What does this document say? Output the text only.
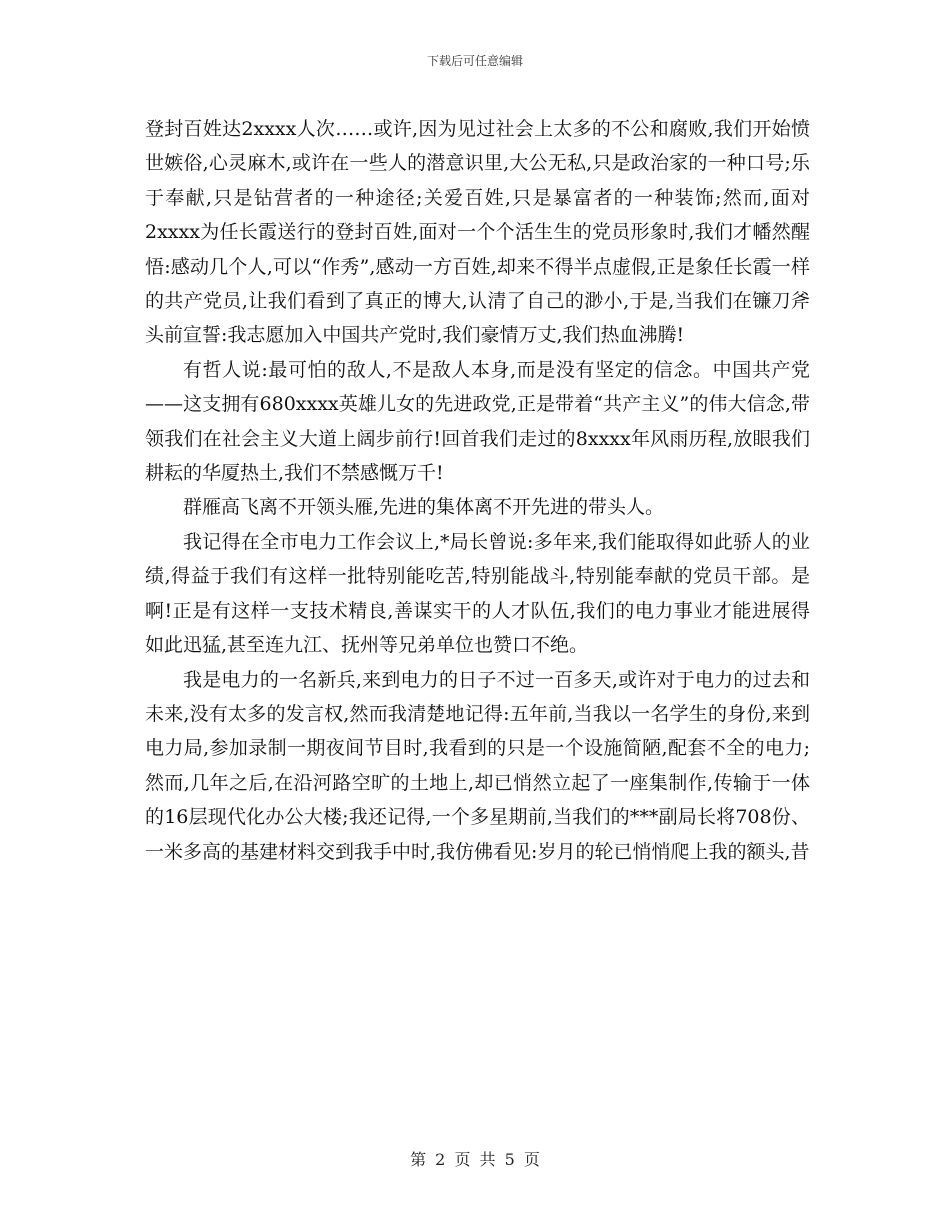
下载后可任意编辑

登封百姓达2xxxx人次……或许,因为见过社会上太多的不公和腐败,我们开始愤世嫉俗,心灵麻木,或许在一些人的潜意识里,大公无私,只是政治家的一种口号;乐于奉献,只是钻营者的一种途径;关爱百姓,只是暴富者的一种装饰;然而,面对2xxxx为任长霞送行的登封百姓,面对一个个活生生的党员形象时,我们才幡然醒悟:感动几个人,可以“作秀”,感动一方百姓,却来不得半点虚假,正是象任长霞一样的共产党员,让我们看到了真正的博大,认清了自己的渺小,于是,当我们在镰刀斧头前宣誓:我志愿加入中国共产党时,我们豪情万丈,我们热血沸腾!

有哲人说:最可怕的敌人,不是敌人本身,而是没有坚定的信念。中国共产党——这支拥有680xxxx英雄儿女的先进政党,正是带着“共产主义”的伟大信念,带领我们在社会主义大道上阔步前行!回首我们走过的8xxxx年风雨历程,放眼我们耕耘的华厦热土,我们不禁感慨万千!

群雁高飞离不开领头雁,先进的集体离不开先进的带头人。

我记得在全市电力工作会议上,*局长曾说:多年来,我们能取得如此骄人的业绩,得益于我们有这样一批特别能吃苦,特别能战斗,特别能奉献的党员干部。是啊!正是有这样一支技术精良,善谋实干的人才队伍,我们的电力事业才能进展得如此迅猛,甚至连九江、抚州等兄弟单位也赞口不绝。

我是电力的一名新兵,来到电力的日子不过一百多天,或许对于电力的过去和未来,没有太多的发言权,然而我清楚地记得:五年前,当我以一名学生的身份,来到电力局,参加录制一期夜间节目时,我看到的只是一个设施简陋,配套不全的电力;然而,几年之后,在沿河路空旷的土地上,却已悄然立起了一座集制作,传输于一体的16层现代化办公大楼;我还记得,一个多星期前,当我们的***副局长将708份、一米多高的基建材料交到我手中时,我仿佛看见:岁月的轮已悄悄爬上我的额头,昔

第 2 页 共 5 页
